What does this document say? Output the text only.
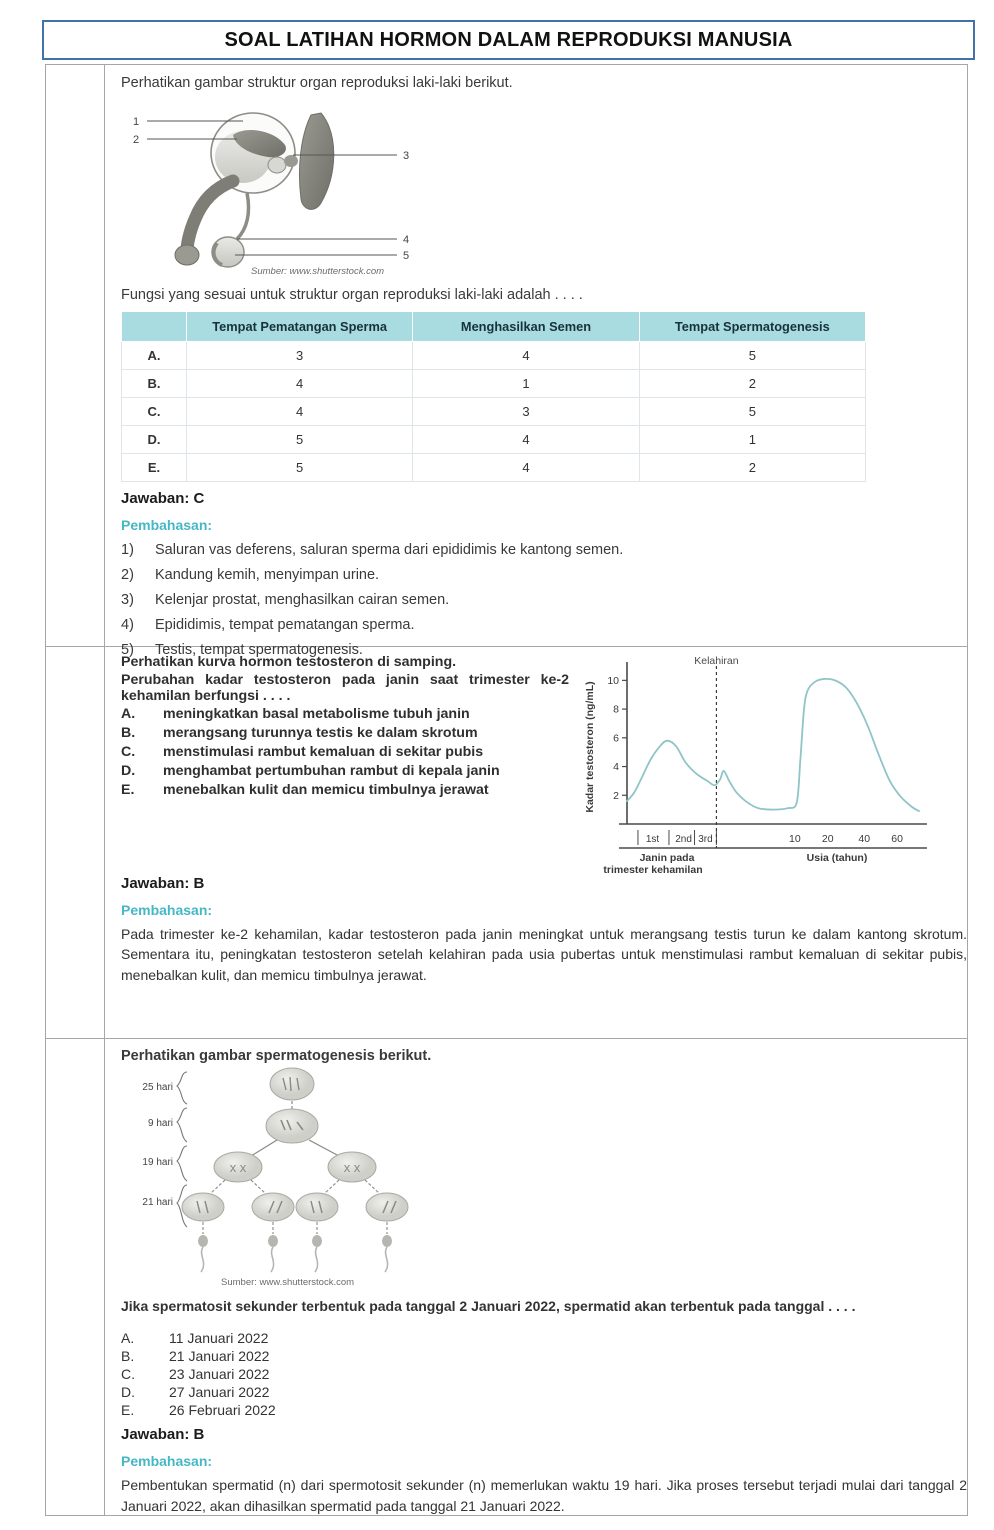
SOAL LATIHAN HORMON DALAM REPRODUKSI MANUSIA

Perhatikan gambar struktur organ reproduksi laki-laki berikut.

1
2
3
4
5
Sumber: www.shutterstock.com

Fungsi yang sesuai untuk struktur organ reproduksi laki-laki adalah . . . .

	Tempat Pematangan Sperma	Menghasilkan Semen	Tempat Spermatogenesis
A.	3	4	5
B.	4	1	2
C.	4	3	5
D.	5	4	1
E.	5	4	2
Jawaban: C
Pembahasan:
1) Saluran vas deferens, saluran sperma dari epididimis ke kantong semen.
2) Kandung kemih, menyimpan urine.
3) Kelenjar prostat, menghasilkan cairan semen.
4) Epididimis, tempat pematangan sperma.
5) Testis, tempat spermatogenesis.

Perhatikan kurva hormon testosteron di samping.

Perubahan kadar testosteron pada janin saat trimester ke-2 kehamilan berfungsi . . . .

A. meningkatkan basal metabolisme tubuh janin
B. merangsang turunnya testis ke dalam skrotum
C. menstimulasi rambut kemaluan di sekitar pubis
D. menghambat pertumbuhan rambut di kepala janin
E. menebalkan kulit dan memicu timbulnya jerawat	2
4
6
8
10
1st 2nd 3rd	10 20 40 60
Kelahiran
Kadar testosteron (ng/mL)
Janin pada
trimester kehamilan
Usia (tahun)
Jawaban: B
Pembahasan:

Pada trimester ke-2 kehamilan, kadar testosteron pada janin meningkat untuk merangsang testis turun ke dalam kantong skrotum. Sementara itu, peningkatan testosteron setelah kelahiran pada usia pubertas untuk menstimulasi rambut kemaluan di sekitar pubis, menebalkan kulit, dan memicu timbulnya jerawat.

Perhatikan gambar spermatogenesis berikut.

25 hari
9 hari
19 hari
21 hari
x x	x x
Sumber: www.shutterstock.com

Jika spermatosit sekunder terbentuk pada tanggal 2 Januari 2022, spermatid akan terbentuk pada tanggal . . . .

A. 11 Januari 2022
B. 21 Januari 2022
C. 23 Januari 2022
D. 27 Januari 2022
E. 26 Februari 2022
Jawaban: B
Pembahasan:

Pembentukan spermatid (n) dari spermotosit sekunder (n) memerlukan waktu 19 hari. Jika proses tersebut terjadi mulai dari tanggal 2 Januari 2022, akan dihasilkan spermatid pada tanggal 21 Januari 2022.
